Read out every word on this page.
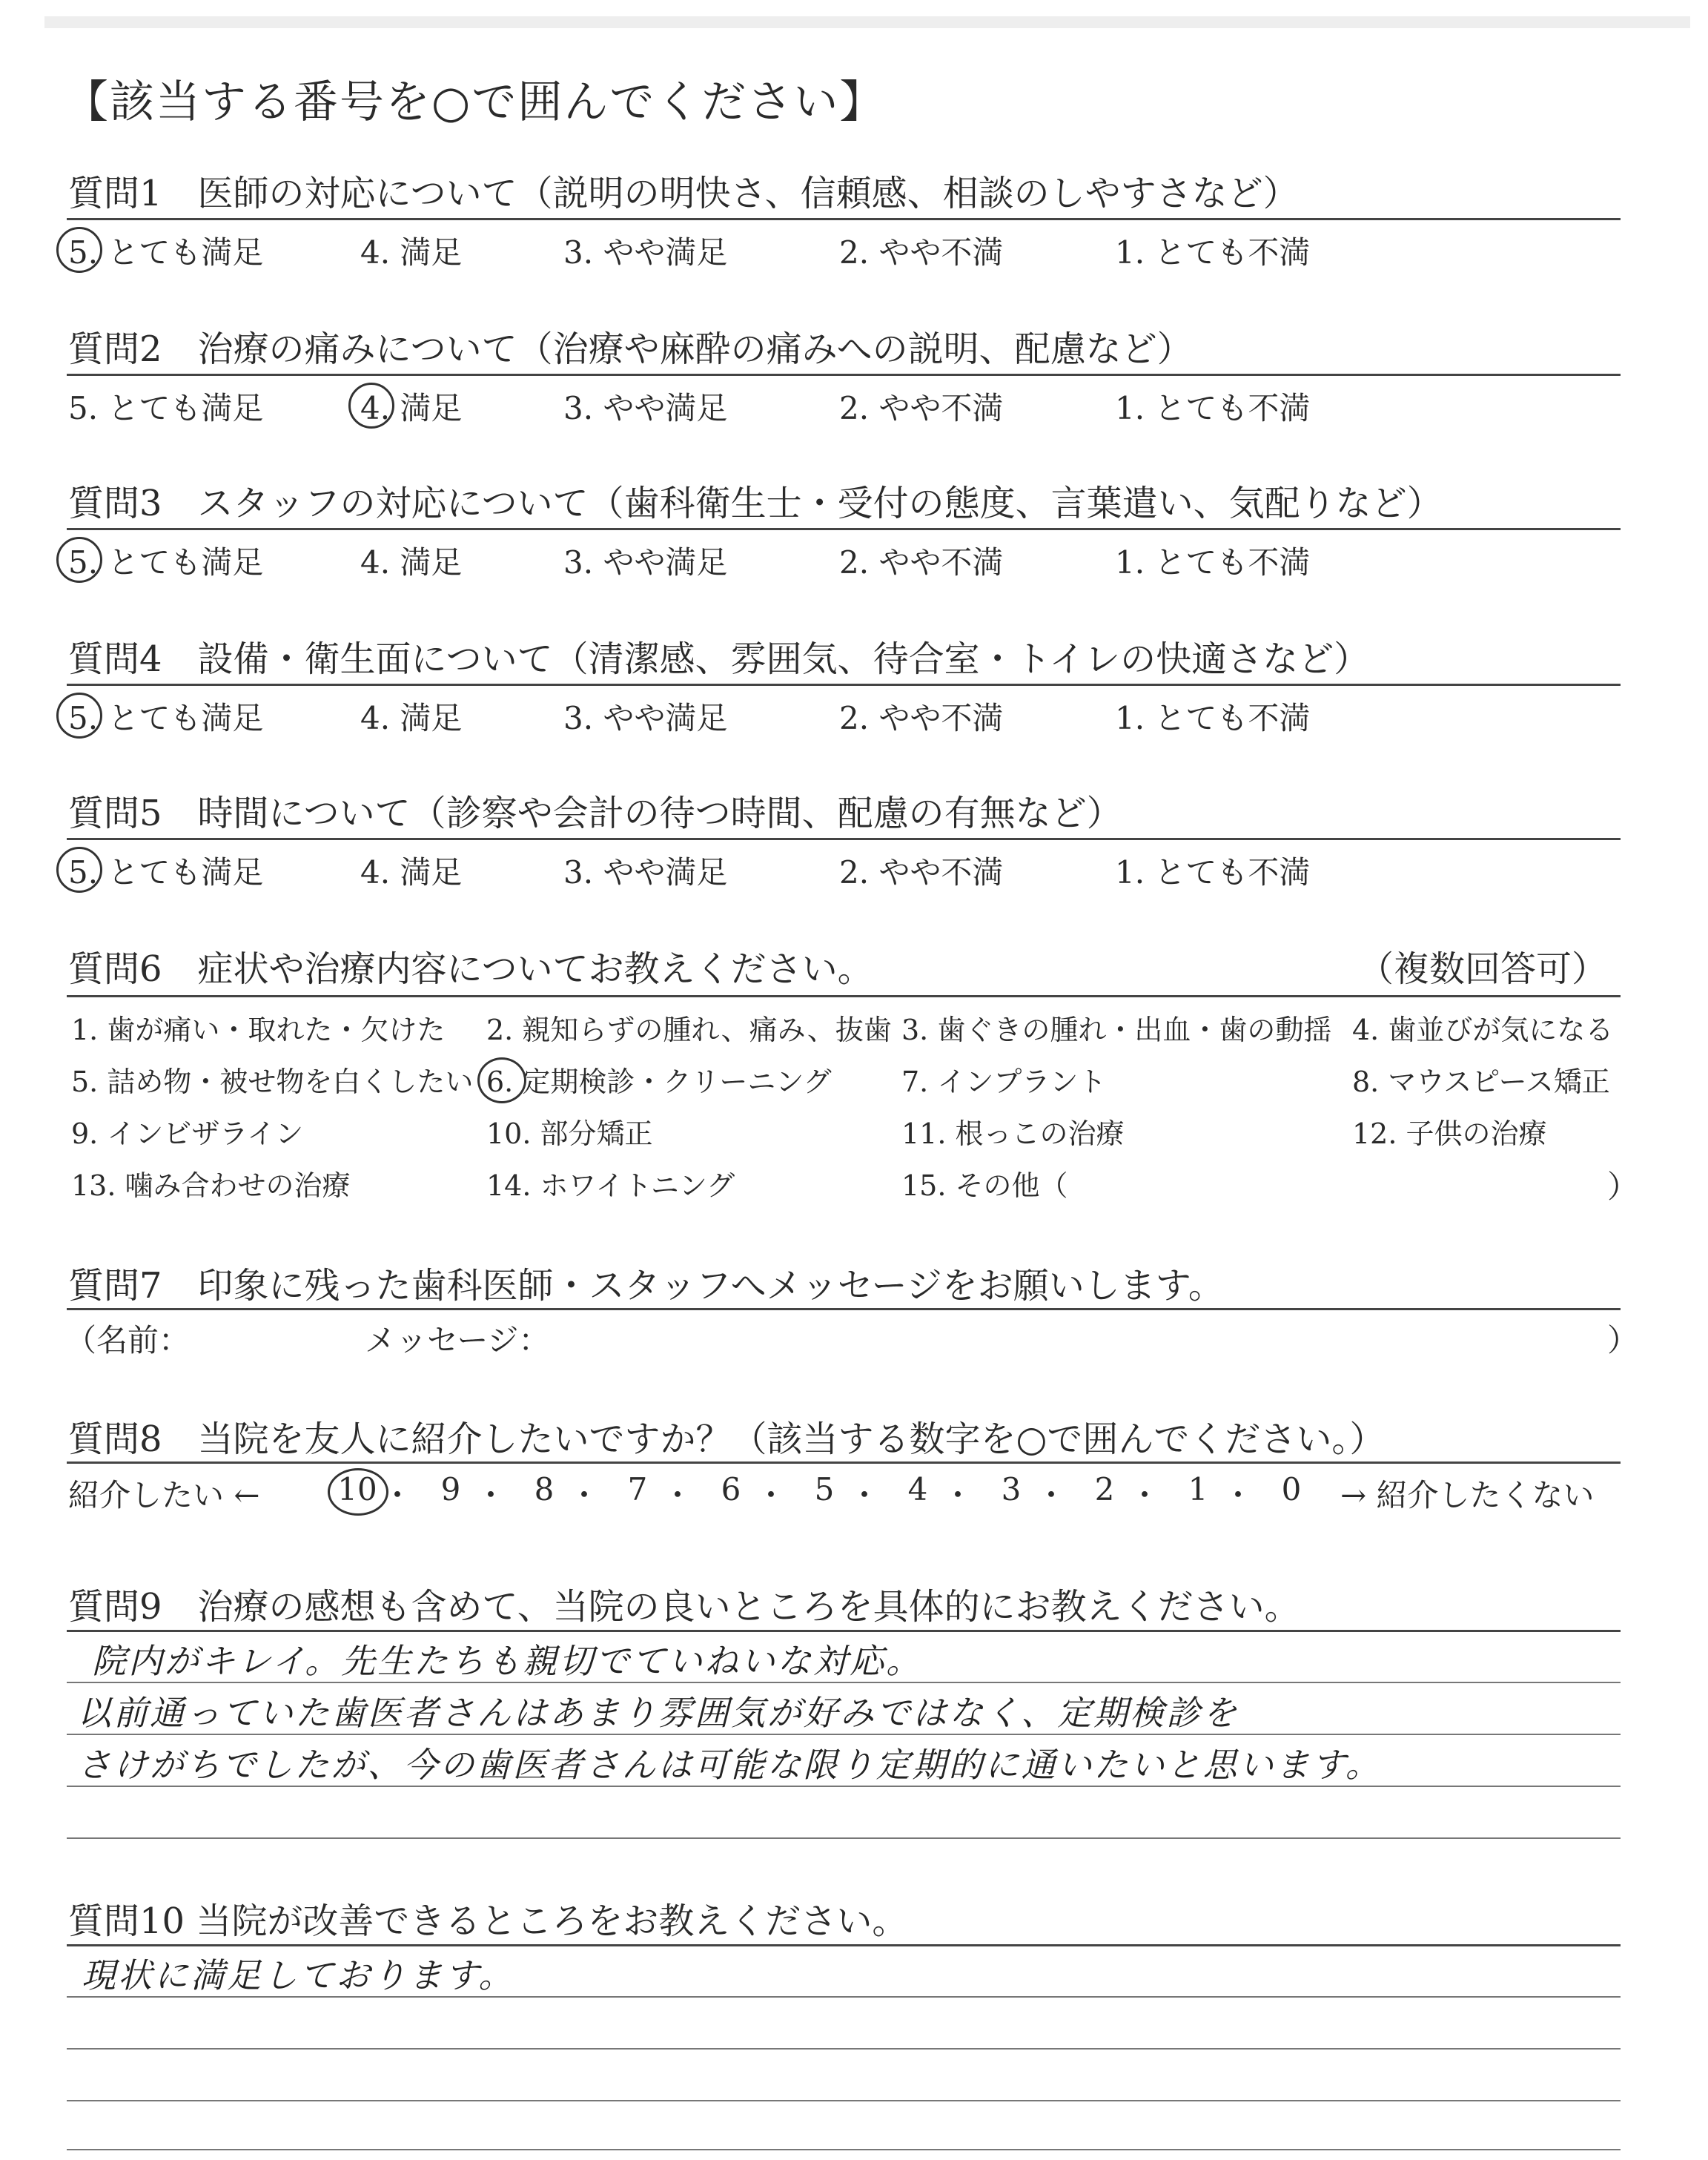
【該当する番号を○で囲んでください】
質問1　医師の対応について（説明の明快さ、信頼感、相談のしやすさなど）
5. とても満足	4. 満足	3. やや満足	2. やや不満	1. とても不満
質問2　治療の痛みについて（治療や麻酔の痛みへの説明、配慮など）
5. とても満足	4. 満足	3. やや満足	2. やや不満	1. とても不満
質問3　スタッフの対応について（歯科衛生士・受付の態度、言葉遣い、気配りなど）
5. とても満足	4. 満足	3. やや満足	2. やや不満	1. とても不満
質問4　設備・衛生面について（清潔感、雰囲気、待合室・トイレの快適さなど）
5. とても満足	4. 満足	3. やや満足	2. やや不満	1. とても不満
質問5　時間について（診察や会計の待つ時間、配慮の有無など）
5. とても満足	4. 満足	3. やや満足	2. やや不満	1. とても不満
質問6　症状や治療内容についてお教えください。	（複数回答可）
1. 歯が痛い・取れた・欠けた 2. 親知らずの腫れ、痛み、抜歯 3. 歯ぐきの腫れ・出血・歯の動揺 4. 歯並びが気になる
5. 詰め物・被せ物を白くしたい 6. 定期検診・クリーニング 7. インプラント	8. マウスピース矯正
9. インビザライン	10. 部分矯正	11. 根っこの治療	12. 子供の治療
13. 噛み合わせの治療	14. ホワイトニング	15. その他（	）
質問7　印象に残った歯科医師・スタッフへメッセージをお願いします。
（名前：	メッセージ：	）
質問8　当院を友人に紹介したいですか？（該当する数字を○で囲んでください。）
紹介したい ←	→ 紹介したくない
10 ・ 9 ・ 8 ・ 7 ・ 6 ・ 5 ・ 4 ・ 3 ・ 2 ・ 1 ・ 0
質問9　治療の感想も含めて、当院の良いところを具体的にお教えください。
院内がキレイ。先生たちも親切でていねいな対応。
以前通っていた歯医者さんはあまり雰囲気が好みではなく、定期検診を
さけがちでしたが、今の歯医者さんは可能な限り定期的に通いたいと思います。
質問10 当院が改善できるところをお教えください。
現状に満足しております。
